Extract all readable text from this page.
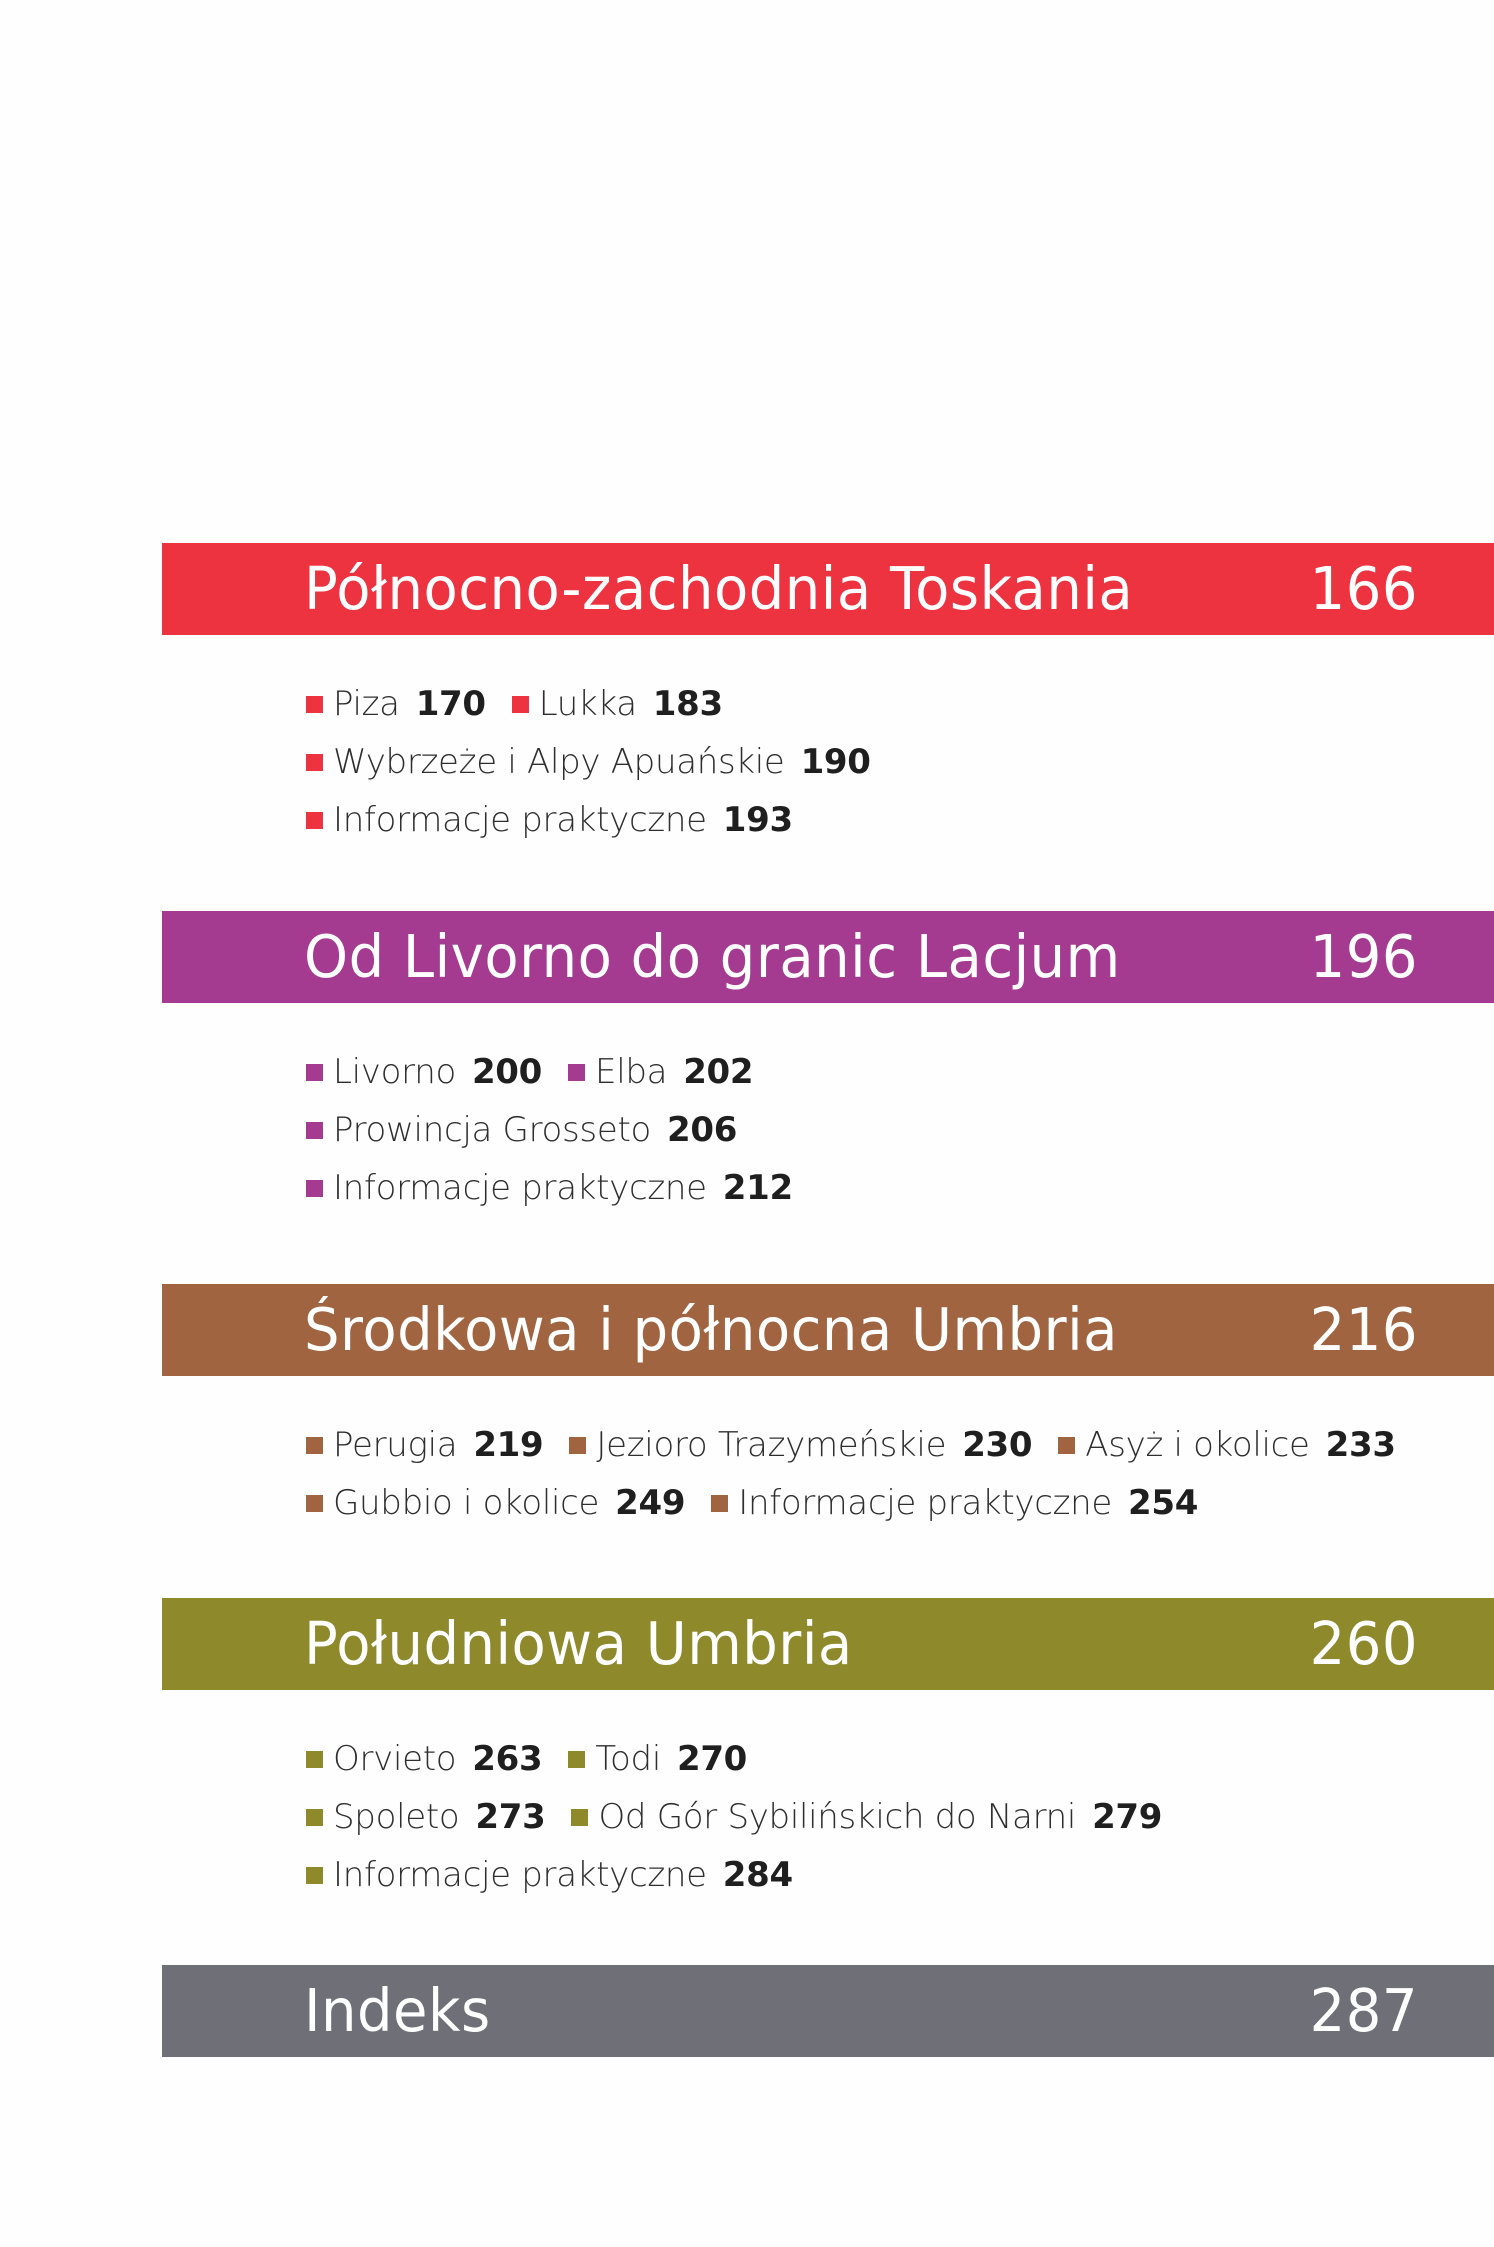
Północno-zachodnia Toskania	166
Piza 170 Lukka 183
Wybrzeże i Alpy Apuańskie 190
Informacje praktyczne 193
Od Livorno do granic Lacjum	196
Livorno 200 Elba 202
Prowincja Grosseto 206
Informacje praktyczne 212
Środkowa i północna Umbria	216
Perugia 219 Jezioro Trazymeńskie 230 Asyż i okolice 233
Gubbio i okolice 249 Informacje praktyczne 254
Południowa Umbria	260
Orvieto 263 Todi 270
Spoleto 273 Od Gór Sybilińskich do Narni 279
Informacje praktyczne 284
Indeks	287
